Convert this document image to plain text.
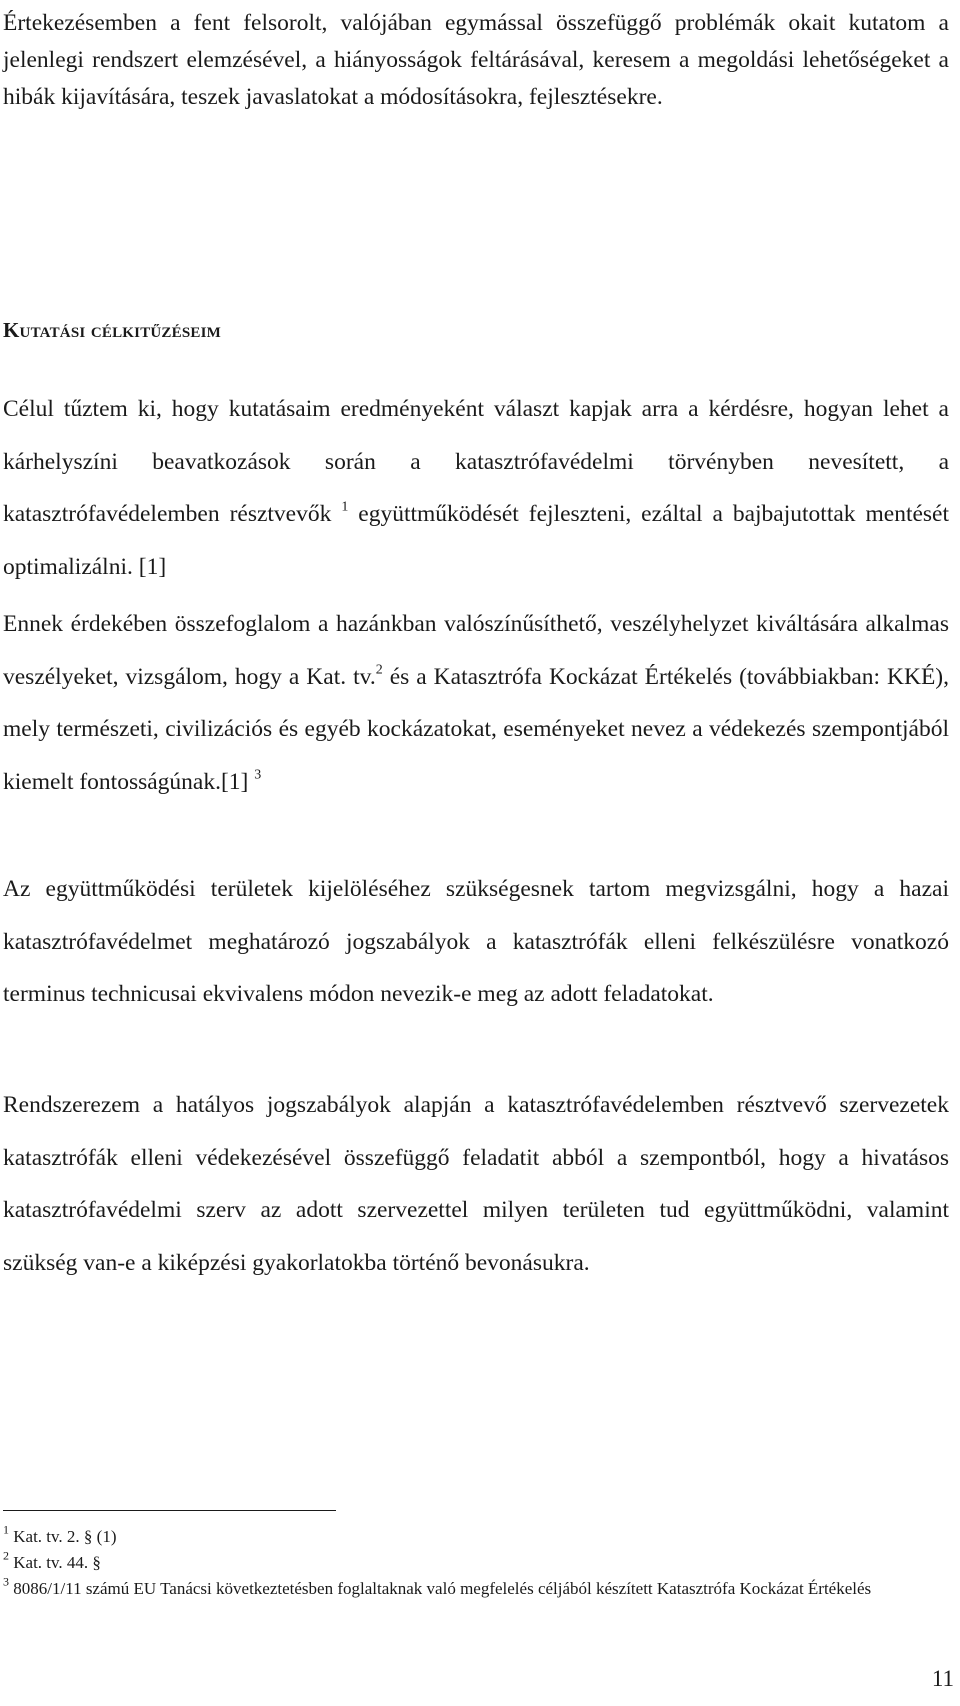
Értekezésemben a fent felsorolt, valójában egymással összefüggő problémák okait kutatom a jelenlegi rendszert elemzésével, a hiányosságok feltárásával, keresem a megoldási lehetőségeket a hibák kijavítására, teszek javaslatokat a módosításokra, fejlesztésekre.

Kutatási célkitűzéseim

Célul tűztem ki, hogy kutatásaim eredményeként választ kapjak arra a kérdésre, hogyan lehet a kárhelyszíni beavatkozások során a katasztrófavédelmi törvényben nevesített, a katasztrófavédelemben résztvevők $^1$ együttműködését fejleszteni, ezáltal a bajbajutottak mentését optimalizálni. [1]

Ennek érdekében összefoglalom a hazánkban valószínűsíthető, veszélyhelyzet kiváltására alkalmas veszélyeket, vizsgálom, hogy a Kat. tv.$^2$ és a Katasztrófa Kockázat Értékelés (továbbiakban: KKÉ), mely természeti, civilizációs és egyéb kockázatokat, eseményeket nevez a védekezés szempontjából kiemelt fontosságúnak.[1] $^3$

Az együttműködési területek kijelöléséhez szükségesnek tartom megvizsgálni, hogy a hazai katasztrófavédelmet meghatározó jogszabályok a katasztrófák elleni felkészülésre vonatkozó terminus technicusai ekvivalens módon nevezik-e meg az adott feladatokat.

Rendszerezem a hatályos jogszabályok alapján a katasztrófavédelemben résztvevő szervezetek katasztrófák elleni védekezésével összefüggő feladatit abból a szempontból, hogy a hivatásos katasztrófavédelmi szerv az adott szervezettel milyen területen tud együttműködni, valamint szükség van-e a kiképzési gyakorlatokba történő bevonásukra.

$^1$ Kat. tv. 2. § (1)

$^2$ Kat. tv. 44. §

$^3$ 8086/1/11 számú EU Tanácsi következtetésben foglaltaknak való megfelelés céljából készített Katasztrófa Kockázat Értékelés

11
